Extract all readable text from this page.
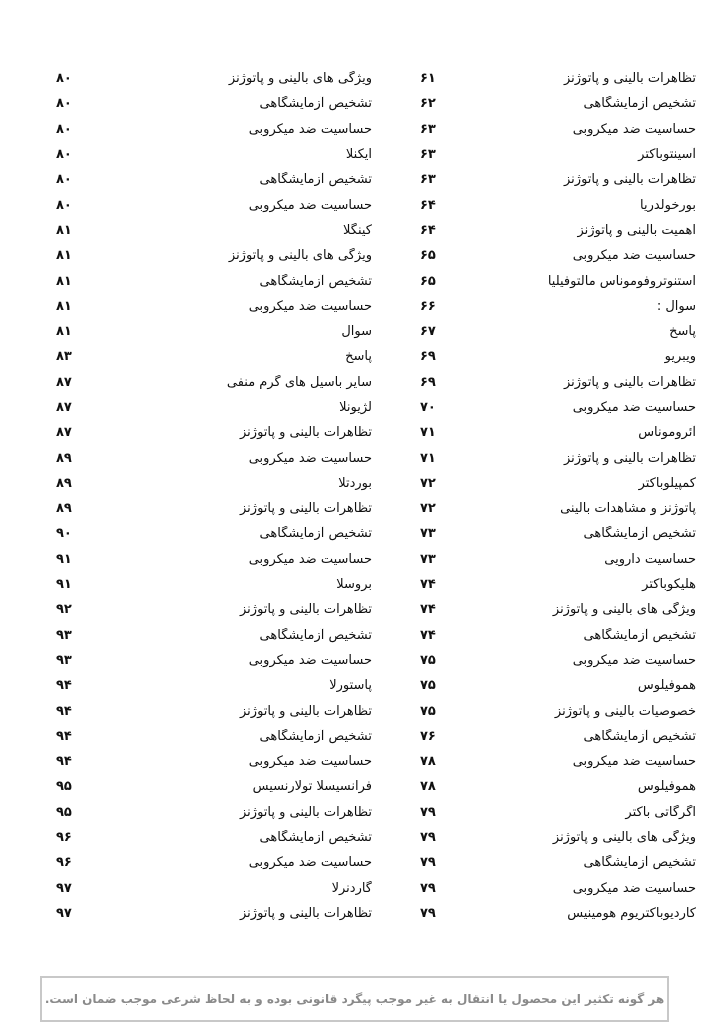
تظاهرات بالینی و پاتوژنز
۶۱
تشخیص آزمایشگاهی
۶۲
حساسیت ضد میکروبی
۶۳
آسینتوباکتر
۶۳
تظاهرات بالینی و پاتوژنز
۶۳
بورخولدریا
۶۴
اهمیت بالینی و پاتوژنز
۶۴
حساسیت ضد میکروبی
۶۵
استنوتروفوموناس مالتوفیلیا
۶۵
سوال :
۶۶
پاسخ
۶۷
ویبریو
۶۹
تظاهرات بالینی و پاتوژنز
۶۹
حساسیت ضد میکروبی
۷۰
آئروموناس
۷۱
تظاهرات بالینی و پاتوژنز
۷۱
کمپیلوباکتر
۷۲
پاتوژنز و مشاهدات بالینی
۷۲
تشخیص آزمایشگاهی
۷۳
حساسیت دارویی
۷۳
هلیکوباکتر
۷۴
ویژگی های بالینی و پاتوژنز
۷۴
تشخیص آزمایشگاهی
۷۴
حساسیت ضد میکروبی
۷۵
هموفیلوس
۷۵
خصوصیات بالینی و پاتوژنز
۷۵
تشخیص آزمایشگاهی
۷۶
حساسیت ضد میکروبی
۷۸
هموفیلوس
۷۸
اگرگاتی باکتر
۷۹
ویژگی های بالینی و پاتوژنز
۷۹
تشخیص آزمایشگاهی
۷۹
حساسیت ضد میکروبی
۷۹
کاردیوباکتریوم هومینیس
۷۹
ویژگی های بالینی و پاتوژنز
۸۰
تشخیص آزمایشگاهی
۸۰
حساسیت ضد میکروبی
۸۰
ایکنلا
۸۰
تشخیص آزمایشگاهی
۸۰
حساسیت ضد میکروبی
۸۰
کینگلا
۸۱
ویژگی های بالینی و پاتوژنز
۸۱
تشخیص آزمایشگاهی
۸۱
حساسیت ضد میکروبی
۸۱
سوال
۸۱
پاسخ
۸۳
سایر باسیل های گرم منفی
۸۷
لژیونلا
۸۷
تظاهرات بالینی و پاتوژنز
۸۷
حساسیت ضد میکروبی
۸۹
بوردتلا
۸۹
تظاهرات بالینی و پاتوژنز
۸۹
تشخیص آزمایشگاهی
۹۰
حساسیت ضد میکروبی
۹۱
بروسلا
۹۱
تظاهرات بالینی و پاتوژنز
۹۲
تشخیص آزمایشگاهی
۹۳
حساسیت ضد میکروبی
۹۳
پاستورلا
۹۴
تظاهرات بالینی و پاتوژنز
۹۴
تشخیص آزمایشگاهی
۹۴
حساسیت ضد میکروبی
۹۴
فرانسیسلا تولارنسیس
۹۵
تظاهرات بالینی و پاتوژنز
۹۵
تشخیص آزمایشگاهی
۹۶
حساسیت ضد میکروبی
۹۶
گاردنرلا
۹۷
تظاهرات بالینی و پاتوژنز
۹۷
هر گونه تکثیر این محصول یا انتقال به غیر موجب پیگرد قانونی بوده و به لحاظ شرعی موجب ضمان است.
